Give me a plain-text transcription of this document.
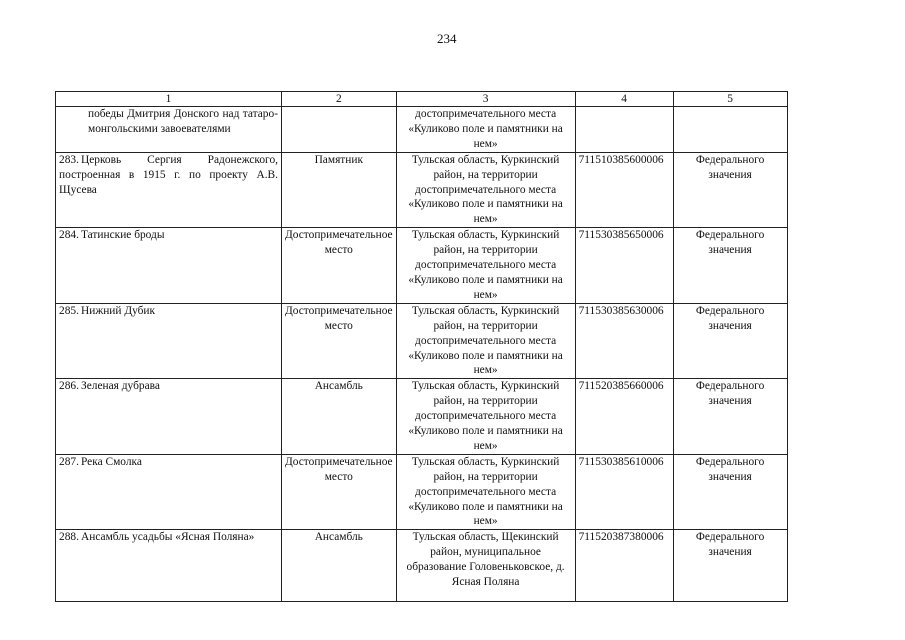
234
1	2	3	4	5
победы Дмитрия Донского над татаро-монгольскими завоевателями		достопримечательного места «Куликово поле и памятники на нем»		
283. Церковь Сергия Радонежского, построенная в 1915 г. по проекту А.В. Щусева	Памятник	Тульская область, Куркинский район, на территории достопримечательного места «Куликово поле и памятники на нем»	711510385600006	Федерального значения
284. Татинские броды	Достопримечательное место	Тульская область, Куркинский район, на территории достопримечательного места «Куликово поле и памятники на нем»	711530385650006	Федерального значения
285. Нижний Дубик	Достопримечательное место	Тульская область, Куркинский район, на территории достопримечательного места «Куликово поле и памятники на нем»	711530385630006	Федерального значения
286. Зеленая дубрава	Ансамбль	Тульская область, Куркинский район, на территории достопримечательного места «Куликово поле и памятники на нем»	711520385660006	Федерального значения
287. Река Смолка	Достопримечательное место	Тульская область, Куркинский район, на территории достопримечательного места «Куликово поле и памятники на нем»	711530385610006	Федерального значения
288. Ансамбль усадьбы «Ясная Поляна»	Ансамбль	Тульская область, Щекинский район, муниципальное образование Головеньковское, д. Ясная Поляна	711520387380006	Федерального значения
